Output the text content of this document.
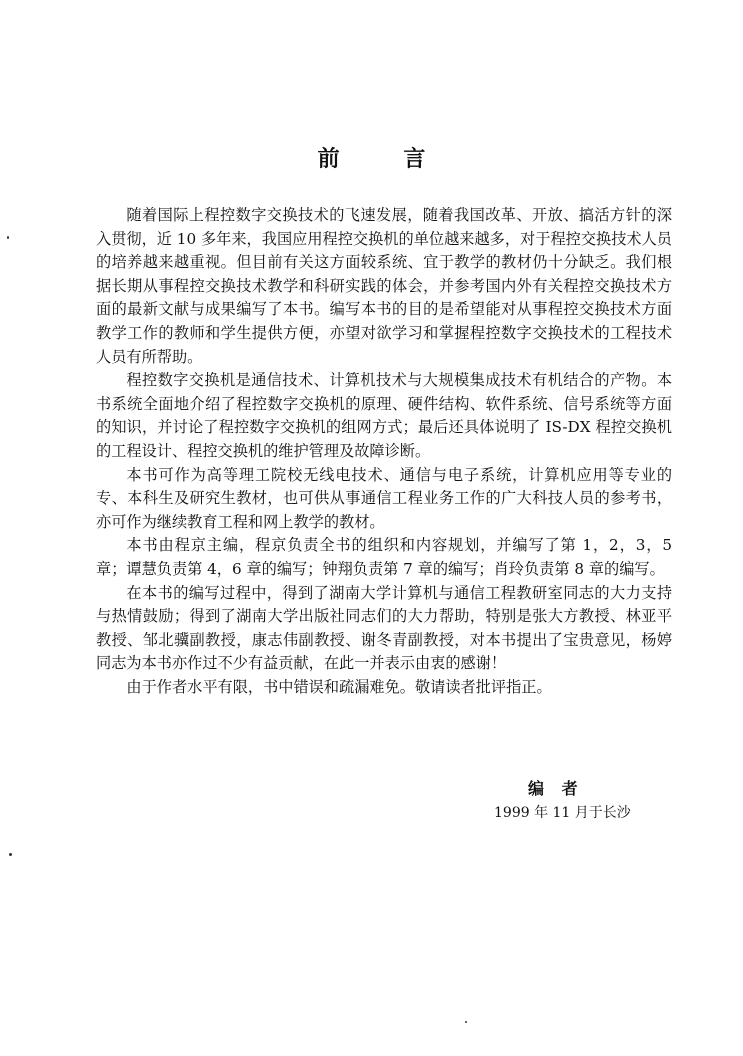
前 言

随着国际上程控数字交换技术的飞速发展，随着我国改革、开放、搞活方针的深入贯彻，近 10 多年来，我国应用程控交换机的单位越来越多，对于程控交换技术人员的培养越来越重视。但目前有关这方面较系统、宜于教学的教材仍十分缺乏。我们根据长期从事程控交换技术教学和科研实践的体会，并参考国内外有关程控交换技术方面的最新文献与成果编写了本书。编写本书的目的是希望能对从事程控交换技术方面教学工作的教师和学生提供方便，亦望对欲学习和掌握程控数字交换技术的工程技术人员有所帮助。

程控数字交换机是通信技术、计算机技术与大规模集成技术有机结合的产物。本书系统全面地介绍了程控数字交换机的原理、硬件结构、软件系统、信号系统等方面的知识，并讨论了程控数字交换机的组网方式；最后还具体说明了 IS-DX 程控交换机的工程设计、程控交换机的维护管理及故障诊断。

本书可作为高等理工院校无线电技术、通信与电子系统，计算机应用等专业的专、本科生及研究生教材，也可供从事通信工程业务工作的广大科技人员的参考书，亦可作为继续教育工程和网上教学的教材。

本书由程京主编，程京负责全书的组织和内容规划，并编写了第 1，2，3，5 章；谭慧负责第 4，6 章的编写；钟翔负责第 7 章的编写；肖玲负责第 8 章的编写。

在本书的编写过程中，得到了湖南大学计算机与通信工程教研室同志的大力支持与热情鼓励；得到了湖南大学出版社同志们的大力帮助，特别是张大方教授、林亚平教授、邹北骥副教授，康志伟副教授、谢冬青副教授，对本书提出了宝贵意见，杨婷同志为本书亦作过不少有益贡献，在此一并表示由衷的感谢！

由于作者水平有限，书中错误和疏漏难免。敬请读者批评指正。

编 者
1999 年 11 月于长沙
